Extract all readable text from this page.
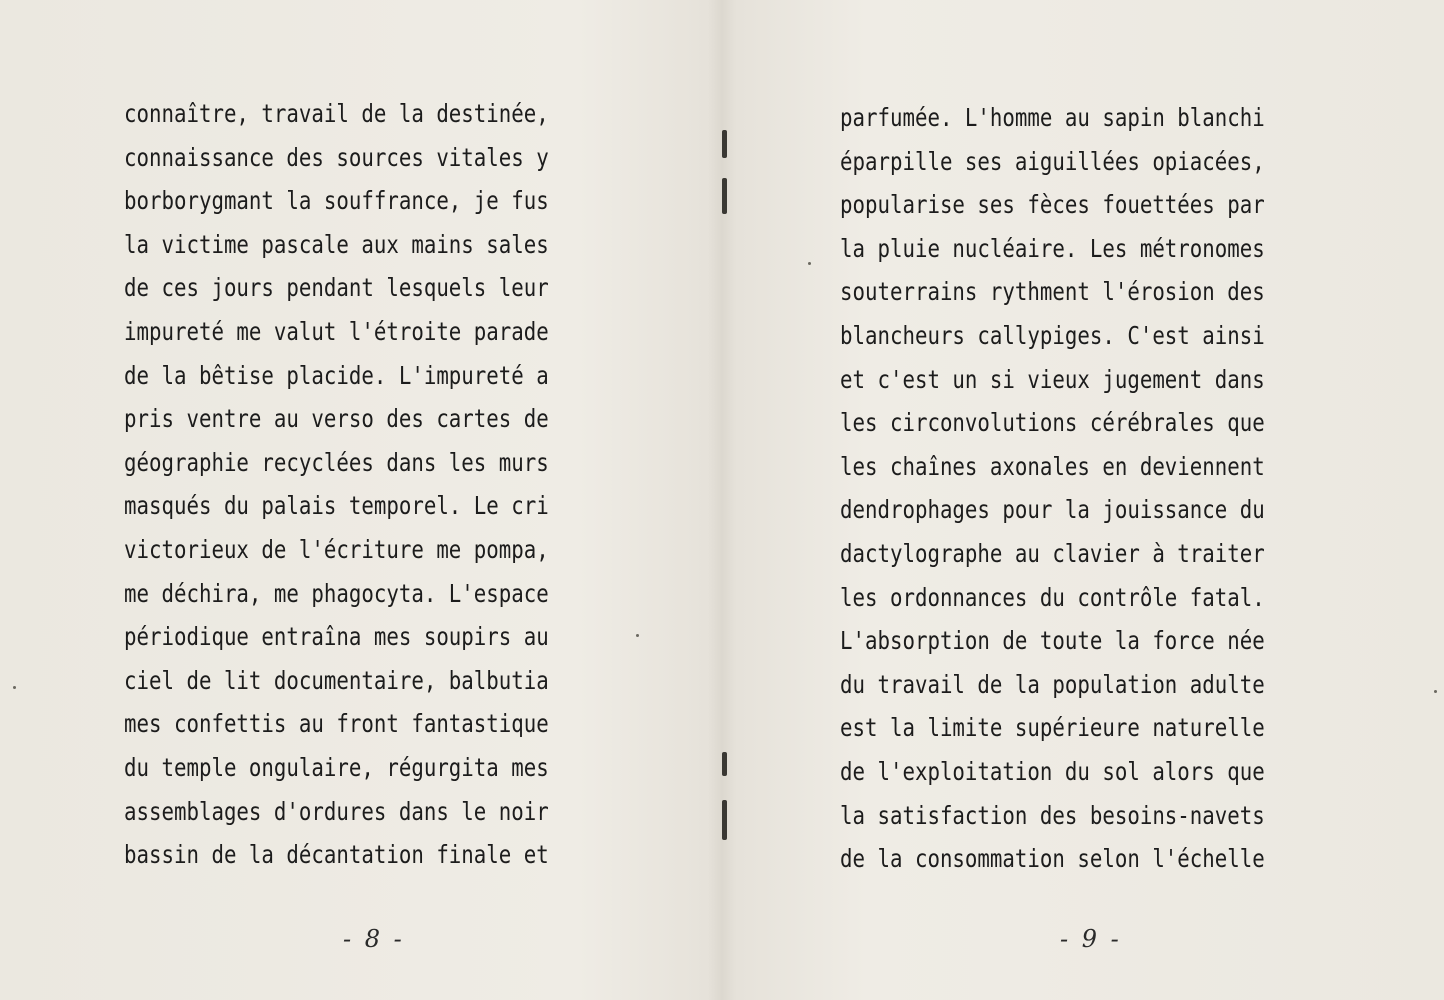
connaître, travail de la destinée,
connaissance des sources vitales y
borborygmant la souffrance, je fus
la victime pascale aux mains sales
de ces jours pendant lesquels leur
impureté me valut l'étroite parade
de la bêtise placide. L'impureté a
pris ventre au verso des cartes de
géographie recyclées dans les murs
masqués du palais temporel. Le cri
victorieux de l'écriture me pompa,
me déchira, me phagocyta. L'espace
périodique entraîna mes soupirs au
ciel de lit documentaire, balbutia
mes confettis au front fantastique
du temple ongulaire, régurgita mes
assemblages d'ordures dans le noir
bassin de la décantation finale et
- 8 -
parfumée. L'homme au sapin blanchi
éparpille ses aiguillées opiacées,
popularise ses fèces fouettées par
la pluie nucléaire. Les métronomes
souterrains rythment l'érosion des
blancheurs callypiges. C'est ainsi
et c'est un si vieux jugement dans
les circonvolutions cérébrales que
les chaînes axonales en deviennent
dendrophages pour la jouissance du
dactylographe au clavier à traiter
les ordonnances du contrôle fatal.
L'absorption de toute la force née
du travail de la population adulte
est la limite supérieure naturelle
de l'exploitation du sol alors que
la satisfaction des besoins-navets
de la consommation selon l'échelle
- 9 -
